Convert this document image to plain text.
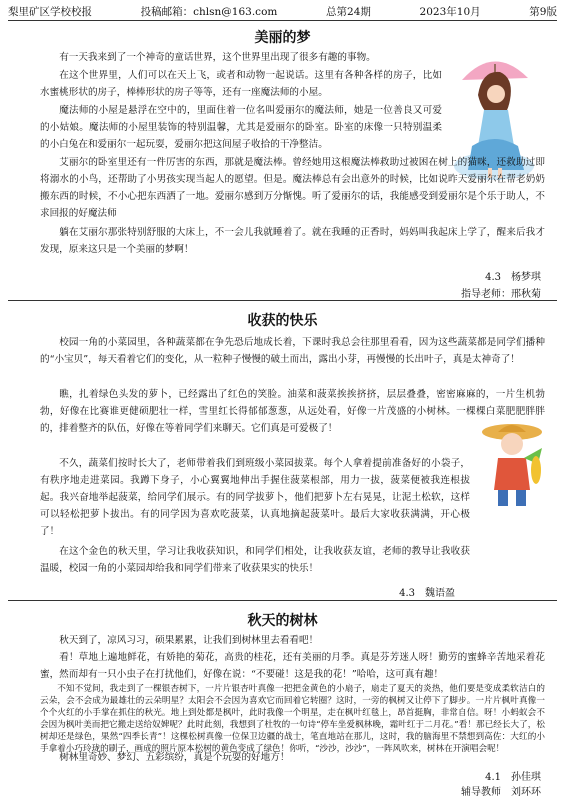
梨里矿区学校校报	投稿邮箱：chlsn@163.com	总第24期	2023年10月	第9版
美丽的梦
有一天我来到了一个神奇的童话世界，这个世界里出现了很多有趣的事物。
在这个世界里，人们可以在天上飞，或者和动物一起说话。这里有各种各样的房子，比如水蜜桃形状的房子，棒棒形状的房子等等，还有一座魔法师的小屋。
魔法师的小屋是悬浮在空中的，里面住着一位名叫爱丽尔的魔法师，她是一位善良又可爱的小姑娘。魔法师的小屋里装饰的特别温馨，尤其是爱丽尔的卧室。卧室的床像一只特别温柔的小白兔在和爱丽尔一起玩耍，爱丽尔把这间屋子收拾的干净整洁。
艾丽尔的卧室里还有一件厉害的东西，那就是魔法棒。曾经她用这根魔法棒救助过被困在树上的猫咪，还救助过即将溺水的小鸟，还帮助了小男孩实现当起人的愿望。但是。魔法棒总有会出意外的时候，比如说昨天爱丽尔在帮老奶奶搬东西的时候，不小心把东西洒了一地。爱丽尔感到万分惭愧。听了爱丽尔的话，我能感受到爱丽尔是个乐于助人，不求回报的好魔法师
躺在艾丽尔那张特别舒服的大床上，不一会儿我就睡着了。就在我睡的正香时，妈妈叫我起床上学了，醒来后我才发现，原来这只是一个美丽的梦啊！
4.3　杨梦琪
指导老师：邢秋菊
收获的快乐
校园一角的小菜园里，各种蔬菜都在争先恐后地成长着，下课时我总会往那里看看，因为这些蔬菜都是同学们播种的“小宝贝”，每天看着它们的变化，从一粒种子慢慢的破土而出，露出小芽，再慢慢的长出叶子，真是太神奇了！
瞧，扎着绿色头发的萝卜，已经露出了红色的笑脸。油菜和菠菜挨挨挤挤，层层叠叠，密密麻麻的，一片生机勃勃，好像在比赛谁更健硕肥壮一样，雪里红长得郁郁葱葱，从远处看，好像一片茂盛的小树林。一棵棵白菜肥肥胖胖的，排着整齐的队伍，好像在等着同学们来聊天。它们真是可爱极了！
不久，蔬菜们按时长大了，老师带着我们到班级小菜园拔菜。每个人拿着提前准备好的小袋子，有秩序地走进菜园。我蹲下身子，小心翼翼地伸出手握住菠菜根部，用力一拔，菠菜便被我连根拔起。我兴奋地举起菠菜，给同学们展示。有的同学拔萝卜，他们把萝卜左右晃晃，让泥土松软，这样可以轻松把萝卜拔出。有的同学因为喜欢吃菠菜，认真地摘起菠菜叶。最后大家收获满满，开心极了！
在这个金色的秋天里，学习让我收获知识，和同学们相处，让我收获友谊，老师的教导让我收获温暖，校园一角的小菜园却给我和同学们带来了收获果实的快乐！
4.3　魏语盈
秋天的树林
秋天到了，凉风习习，硕果累累，让我们到树林里去看看吧！
看！草地上遍地鲜花，有娇艳的菊花，高贵的桂花，还有美丽的月季。真是芬芳迷人呀！勤劳的蜜蜂辛苦地采着花蜜，然而却有一只小虫子在打扰他们，好像在说：“不要碰！这是我的花！”哈哈，这可真有趣！
不知不觉间，我走到了一棵银杏树下，一片片银杏叶真像一把把金黄色的小扇子，扇走了夏天的炎热，他们要是变成柔软洁白的云朵，会不会成为最雄壮的云朵明星？太阳会不会因为喜欢它而回着它转圈？这时，一旁的枫树又让停下了脚步。一片片枫叶真像一个个火红的小手掌在抓住的秋光。地上到处都是枫叶，此时我像一个明星，走在枫叶红毯上，昂首挺胸，非常自信。呀！小蚂蚁会不会因为枫叶美而把它搬走送给奴婢呢？此时此刻，我想到了杜牧的一句诗“停车坐爱枫林晚，霜叶红于二月花。”看！那已经长大了，松树却还是绿色，果然“四季长青”！这棵松树真像一位保卫边疆的战士，笔直地站在那儿，这时，我的脑海里不禁想到高佐：大红的小手拿着小巧玲珑的刷子，画成的照片原本松树的黄色变成了绿色！你听，“沙沙，沙沙”，一阵风吹来，树林在开演唱会呢！
树林里奇妙、梦幻、五彩缤纷，真是个玩耍的好地方！
4.1　孙佳琪
辅导教师　刘环环
